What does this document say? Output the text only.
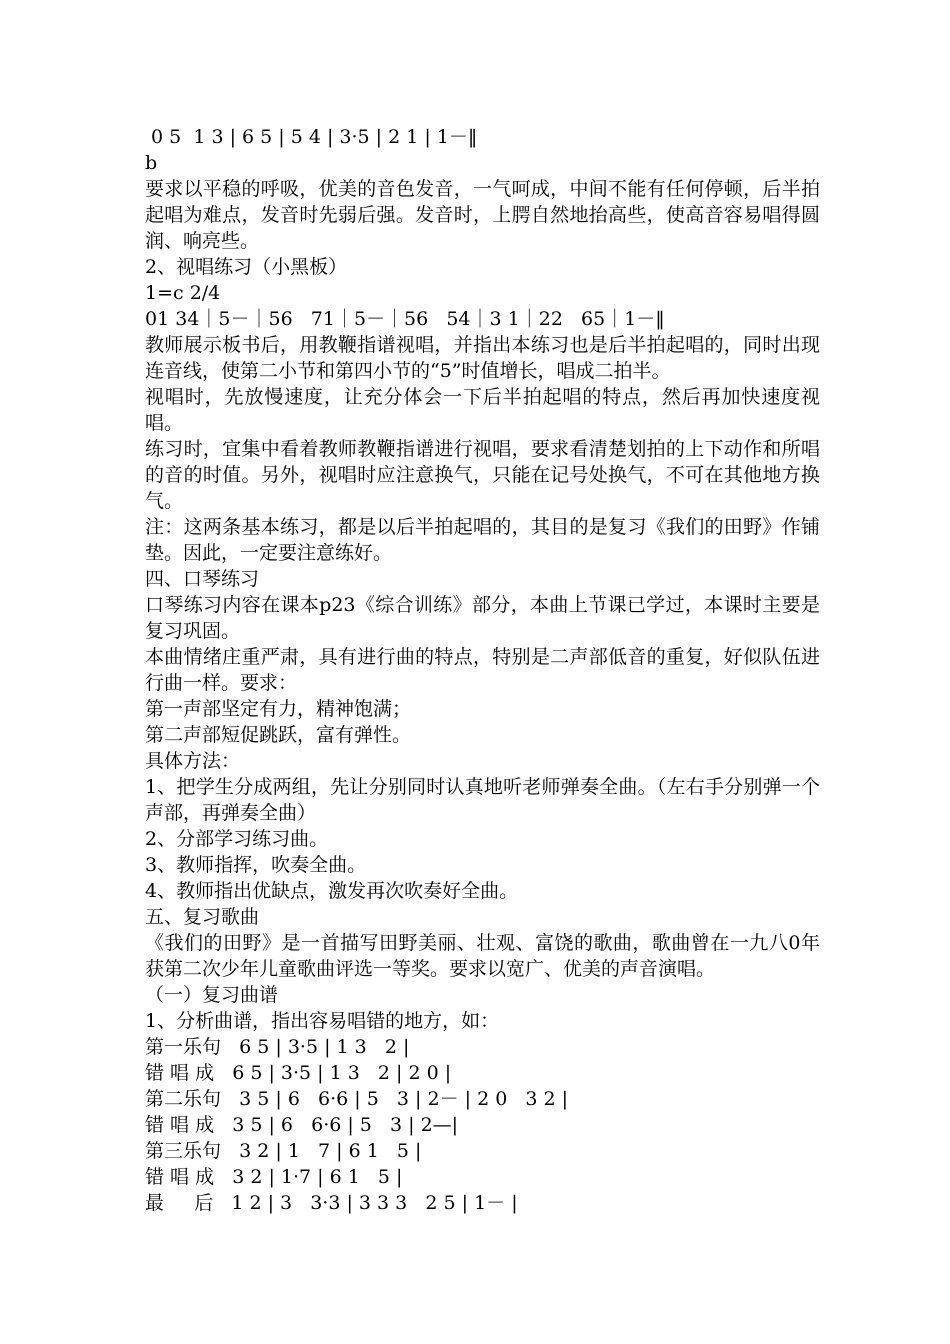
0 5  1 3 | 6 5 | 5 4 | 3·5 | 2 1 | 1－‖
b

要求以平稳的呼吸，优美的音色发音，一气呵成，中间不能有任何停顿，后半拍起唱为难点，发音时先弱后强。发音时，上腭自然地抬高些，使高音容易唱得圆润、响亮些。

2、视唱练习（小黑板）
1=c 2/4
01 34｜5－｜56   71｜5－｜56   54｜3 1｜22   65｜1－‖

教师展示板书后，用教鞭指谱视唱，并指出本练习也是后半拍起唱的，同时出现连音线，使第二小节和第四小节的“5”时值增长，唱成二拍半。

视唱时，先放慢速度，让充分体会一下后半拍起唱的特点，然后再加快速度视唱。

练习时，宜集中看着教师教鞭指谱进行视唱，要求看清楚划拍的上下动作和所唱的音的时值。另外，视唱时应注意换气，只能在记号处换气，不可在其他地方换气。

注：这两条基本练习，都是以后半拍起唱的，其目的是复习《我们的田野》作铺垫。因此，一定要注意练好。

四、口琴练习

口琴练习内容在课本p23《综合训练》部分，本曲上节课已学过，本课时主要是复习巩固。

本曲情绪庄重严肃，具有进行曲的特点，特别是二声部低音的重复，好似队伍进行曲一样。要求：

第一声部坚定有力，精神饱满；
第二声部短促跳跃，富有弹性。
具体方法：

1、把学生分成两组，先让分别同时认真地听老师弹奏全曲。（左右手分别弹一个声部，再弹奏全曲）

2、分部学习练习曲。
3、教师指挥，吹奏全曲。
4、教师指出优缺点，激发再次吹奏好全曲。
五、复习歌曲

《我们的田野》是一首描写田野美丽、壮观、富饶的歌曲，歌曲曾在一九八0年获第二次少年儿童歌曲评选一等奖。要求以宽广、优美的声音演唱。

（一）复习曲谱
1、分析曲谱，指出容易唱错的地方，如：
第一乐句   6 5 | 3·5 | 1 3   2 |
错 唱 成   6 5 | 3·5 | 1 3   2 | 2 0 |
第二乐句   3 5 | 6   6·6 | 5   3 | 2－ | 2 0   3 2 |
错 唱 成   3 5 | 6   6·6 | 5   3 | 2—|
第三乐句   3 2 | 1   7 | 6 1   5 |
错 唱 成   3 2 | 1·7 | 6 1   5 |
最     后   1 2 | 3   3·3 | 3 3 3   2 5 | 1－ |
